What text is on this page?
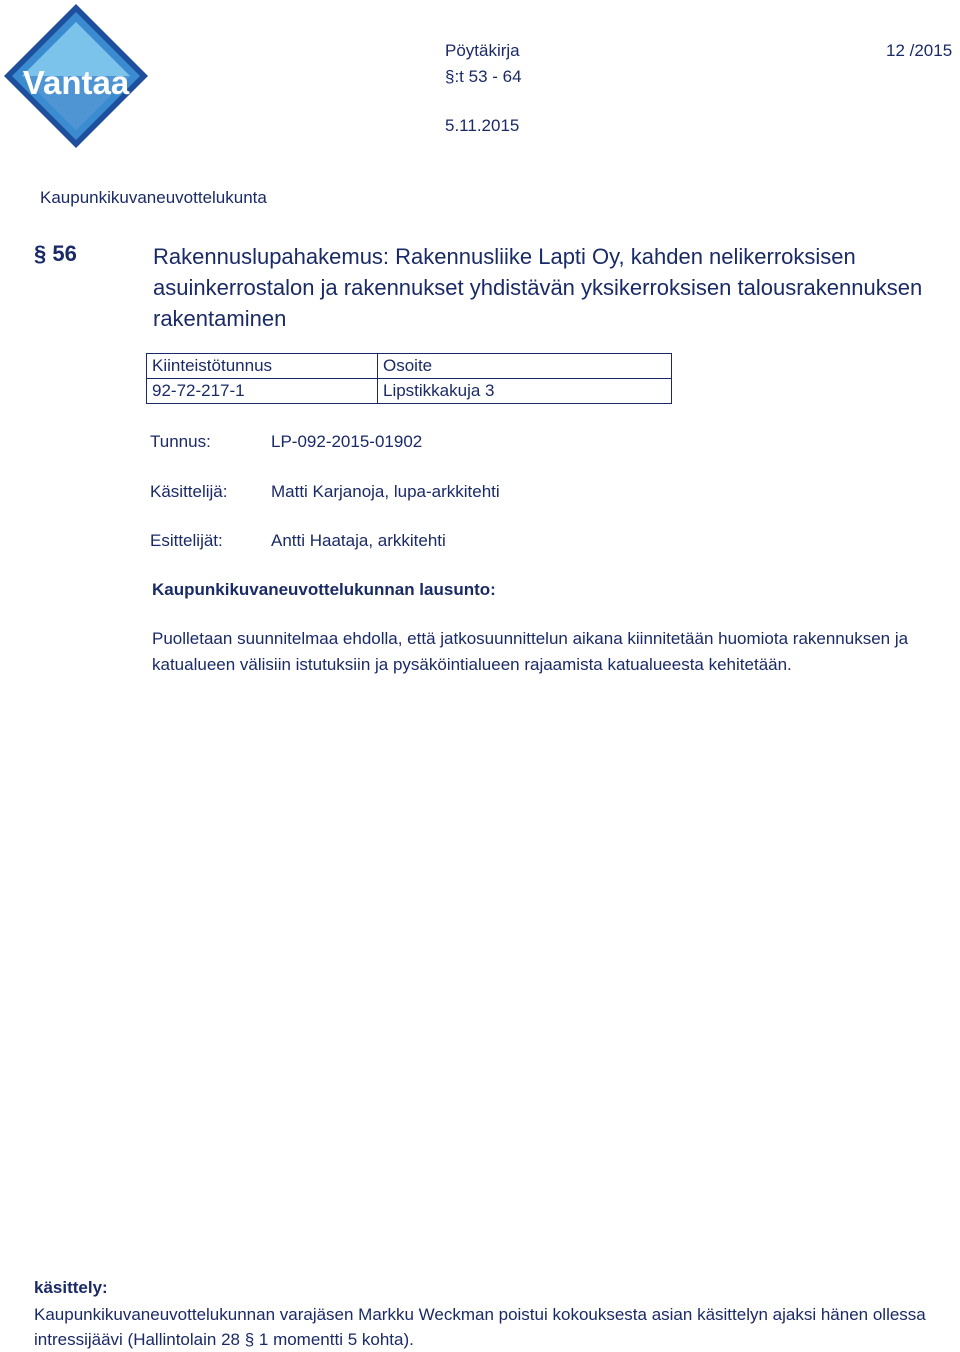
Vantaa
Pöytäkirja	12 /2015
§:t 53 - 64
5.11.2015
Kaupunkikuvaneuvottelukunta
§ 56	Rakennuslupahakemus: Rakennusliike Lapti Oy, kahden nelikerroksisen asuinkerrostalon ja rakennukset yhdistävän yksikerroksisen talousrakennuksen rakentaminen
Kiinteistötunnus	Osoite
92-72-217-1	Lipstikkakuja 3
Tunnus:	LP-092-2015-01902
Käsittelijä:	Matti Karjanoja, lupa-arkkitehti
Esittelijät:	Antti Haataja, arkkitehti
Kaupunkikuvaneuvottelukunnan lausunto:
Puolletaan suunnitelmaa ehdolla, että jatkosuunnittelun aikana kiinnitetään huomiota rakennuksen ja katualueen välisiin istutuksiin ja pysäköintialueen rajaamista katualueesta kehitetään.
käsittely:
Kaupunkikuvaneuvottelukunnan varajäsen Markku Weckman poistui kokouksesta asian käsittelyn ajaksi hänen ollessa intressijäävi (Hallintolain 28 § 1 momentti 5 kohta).
